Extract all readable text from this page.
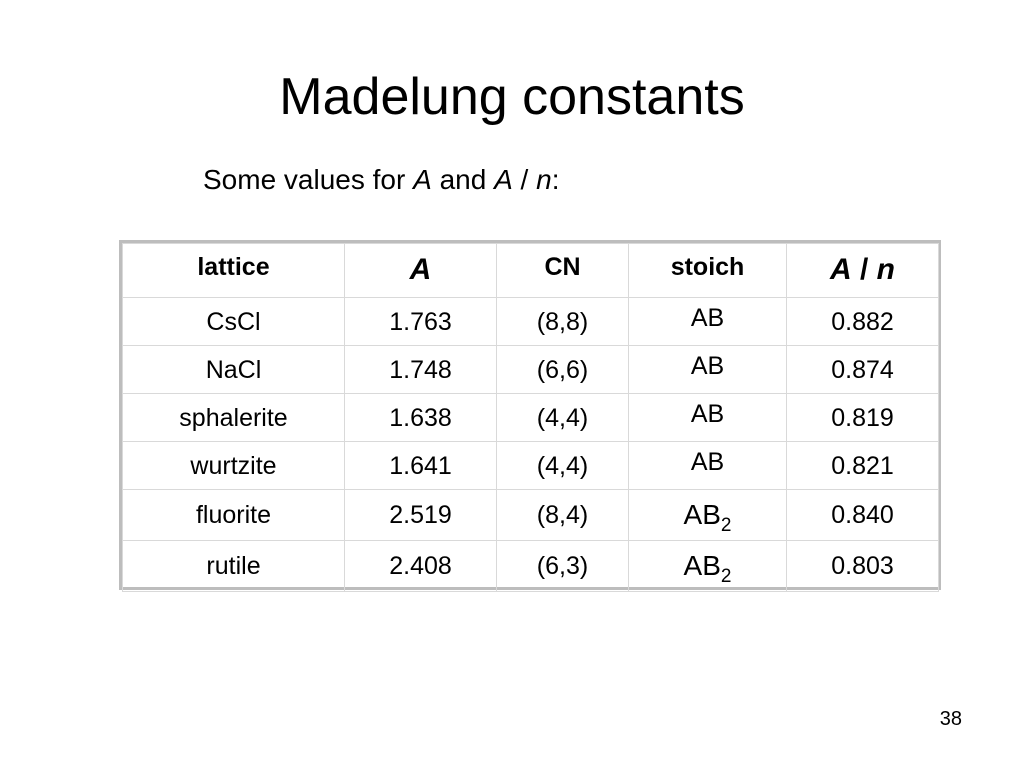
Madelung constants
Some values for A and A / n:
lattice	A	CN	stoich	A / n
CsCl	1.763	(8,8)	AB	0.882
NaCl	1.748	(6,6)	AB	0.874
sphalerite	1.638	(4,4)	AB	0.819
wurtzite	1.641	(4,4)	AB	0.821
fluorite	2.519	(8,4)	$AB_2$	0.840
rutile	2.408	(6,3)	$AB_2$	0.803
38
